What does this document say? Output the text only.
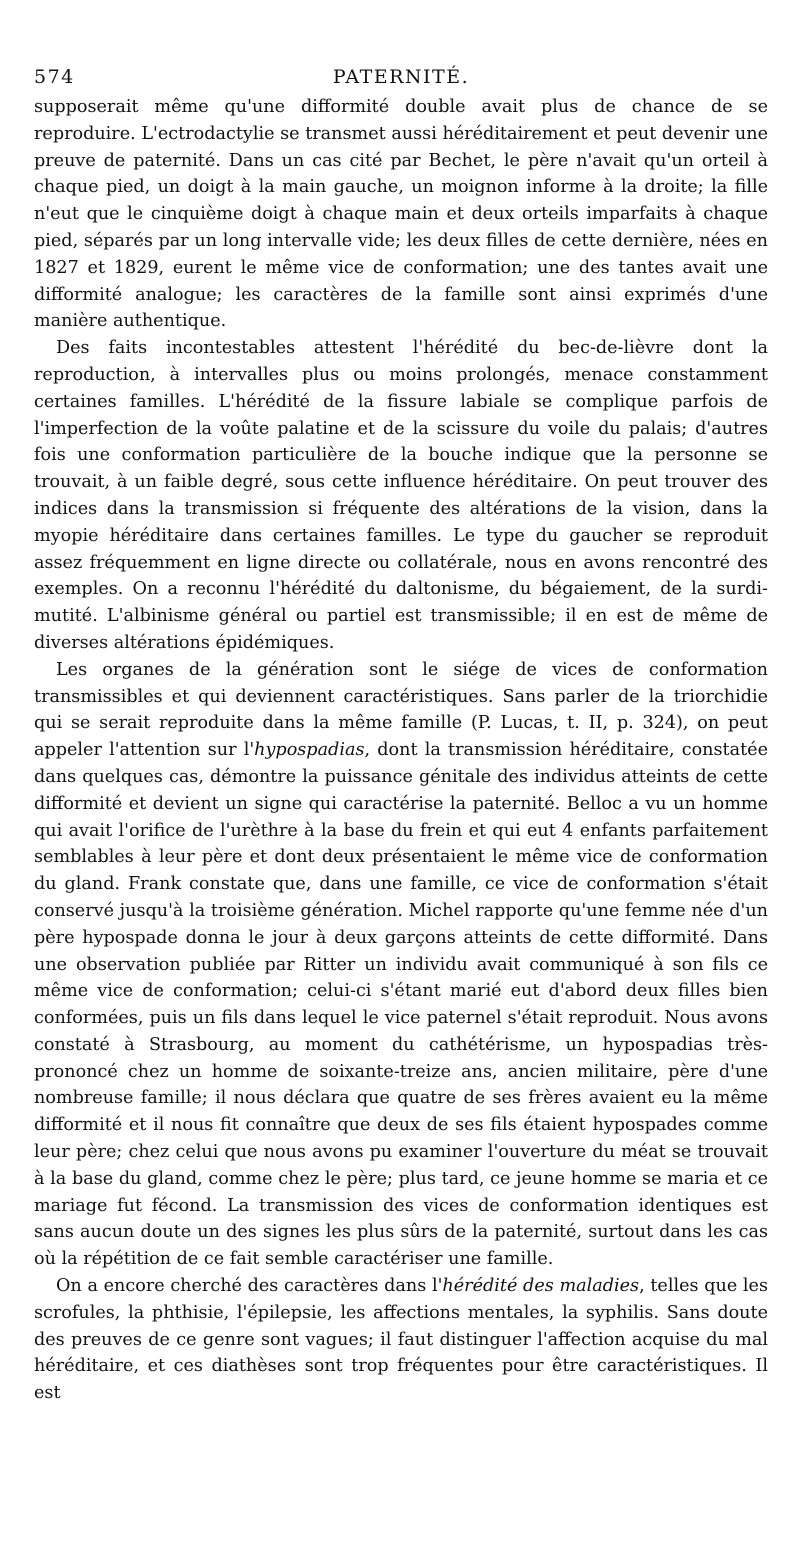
574	PATERNITÉ.

supposerait même qu'une difformité double avait plus de chance de se reproduire. L'ectrodactylie se transmet aussi héréditairement et peut devenir une preuve de paternité. Dans un cas cité par Bechet, le père n'avait qu'un orteil à chaque pied, un doigt à la main gauche, un moignon informe à la droite; la fille n'eut que le cinquième doigt à chaque main et deux orteils imparfaits à chaque pied, séparés par un long intervalle vide; les deux filles de cette dernière, nées en 1827 et 1829, eurent le même vice de conformation; une des tantes avait une difformité analogue; les caractères de la famille sont ainsi exprimés d'une manière authentique.

Des faits incontestables attestent l'hérédité du bec-de-lièvre dont la reproduction, à intervalles plus ou moins prolongés, menace constamment certaines familles. L'hérédité de la fissure labiale se complique parfois de l'imperfection de la voûte palatine et de la scissure du voile du palais; d'autres fois une conformation particulière de la bouche indique que la personne se trouvait, à un faible degré, sous cette influence héréditaire. On peut trouver des indices dans la transmission si fréquente des altérations de la vision, dans la myopie héréditaire dans certaines familles. Le type du gaucher se reproduit assez fréquemment en ligne directe ou collatérale, nous en avons rencontré des exemples. On a reconnu l'hérédité du daltonisme, du bégaiement, de la surdi-mutité. L'albinisme général ou partiel est transmissible; il en est de même de diverses altérations épidémiques.

Les organes de la génération sont le siége de vices de conformation transmissibles et qui deviennent caractéristiques. Sans parler de la triorchidie qui se serait reproduite dans la même famille (P. Lucas, t. II, p. 324), on peut appeler l'attention sur l'hypospadias, dont la transmission héréditaire, constatée dans quelques cas, démontre la puissance génitale des individus atteints de cette difformité et devient un signe qui caractérise la paternité. Belloc a vu un homme qui avait l'orifice de l'urèthre à la base du frein et qui eut 4 enfants parfaitement semblables à leur père et dont deux présentaient le même vice de conformation du gland. Frank constate que, dans une famille, ce vice de conformation s'était conservé jusqu'à la troisième génération. Michel rapporte qu'une femme née d'un père hypospade donna le jour à deux garçons atteints de cette difformité. Dans une observation publiée par Ritter un individu avait communiqué à son fils ce même vice de conformation; celui-ci s'étant marié eut d'abord deux filles bien conformées, puis un fils dans lequel le vice paternel s'était reproduit. Nous avons constaté à Strasbourg, au moment du cathétérisme, un hypospadias très-prononcé chez un homme de soixante-treize ans, ancien militaire, père d'une nombreuse famille; il nous déclara que quatre de ses frères avaient eu la même difformité et il nous fit connaître que deux de ses fils étaient hypospades comme leur père; chez celui que nous avons pu examiner l'ouverture du méat se trouvait à la base du gland, comme chez le père; plus tard, ce jeune homme se maria et ce mariage fut fécond. La transmission des vices de conformation identiques est sans aucun doute un des signes les plus sûrs de la paternité, surtout dans les cas où la répétition de ce fait semble caractériser une famille.

On a encore cherché des caractères dans l'hérédité des maladies, telles que les scrofules, la phthisie, l'épilepsie, les affections mentales, la syphilis. Sans doute des preuves de ce genre sont vagues; il faut distinguer l'affection acquise du mal héréditaire, et ces diathèses sont trop fréquentes pour être caractéristiques. Il est
